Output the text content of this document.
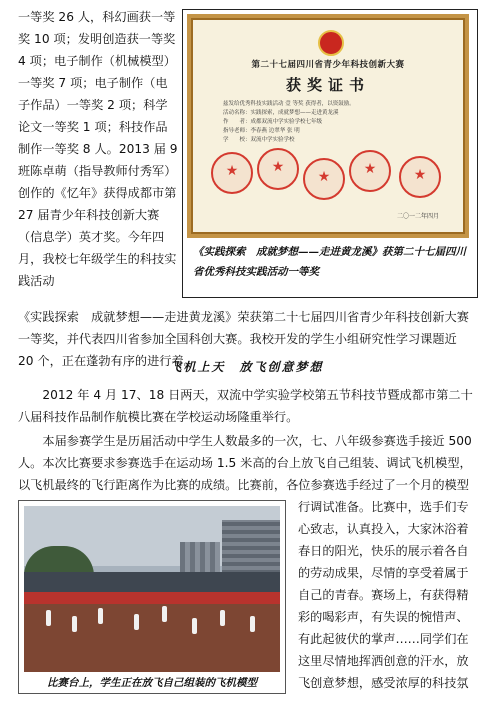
一等奖 26 人，科幻画获一等奖 10 项；发明创造获一等奖 4 项；电子制作（机械模型）一等奖 7 项；电子制作（电子作品）一等奖 2 项；科学论文一等奖 1 项；科技作品制作一等奖 8 人。2013 届 9 班陈卓萌（指导教师付秀军）创作的《忆年》获得成都市第 27 届青少年科技创新大赛（信息学）英才奖。今年四月，我校七年级学生的科技实践活动

第二十七届四川省青少年科技创新大赛
获奖证书
兹发给优秀科技实践活动 壹 等奖 获得者，以资鼓励。
活动名称：实践探索，成就梦想——走进黄龙溪
作　　者：成都双流中学实验学校七年级
指导老师：李春燕 边翠华 张 明
学　　校：双流中学实验学校
★
★
★
★
★
二〇一二年四月
《实践探索　成就梦想——走进黄龙溪》获第二十七届四川省优秀科技实践活动一等奖

《实践探索　成就梦想——走进黄龙溪》荣获第二十七届四川省青少年科技创新大赛一等奖，并代表四川省参加全国科创大赛。我校开发的学生小组研究性学习课题近 20 个，正在蓬勃有序的进行着。

飞机上天　放飞创意梦想

2012 年 4 月 17、18 日两天，双流中学实验学校第五节科技节暨成都市第二十八届科技作品制作航模比赛在学校运动场隆重举行。

本届参赛学生是历届活动中学生人数最多的一次，七、八年级参赛选手接近 500 人。本次比赛要求参赛选手在运动场 1.5 米高的台上放飞自己组装、调试飞机模型，以飞机最终的飞行距离作为比赛的成绩。比赛前，各位参赛选手经过了一个月的模型

比赛台上，学生正在放飞自己组装的飞机模型

行调试准备。比赛中，选手们专心致志，认真投入，大家沐浴着春日的阳光，快乐的展示着各自的劳动成果，尽情的享受着属于自己的青春。赛场上，有获得精彩的喝彩声，有失误的惋惜声、有此起彼伏的掌声……同学们在这里尽情地挥洒创意的汗水，放飞创意梦想，感受浓厚的科技氛
